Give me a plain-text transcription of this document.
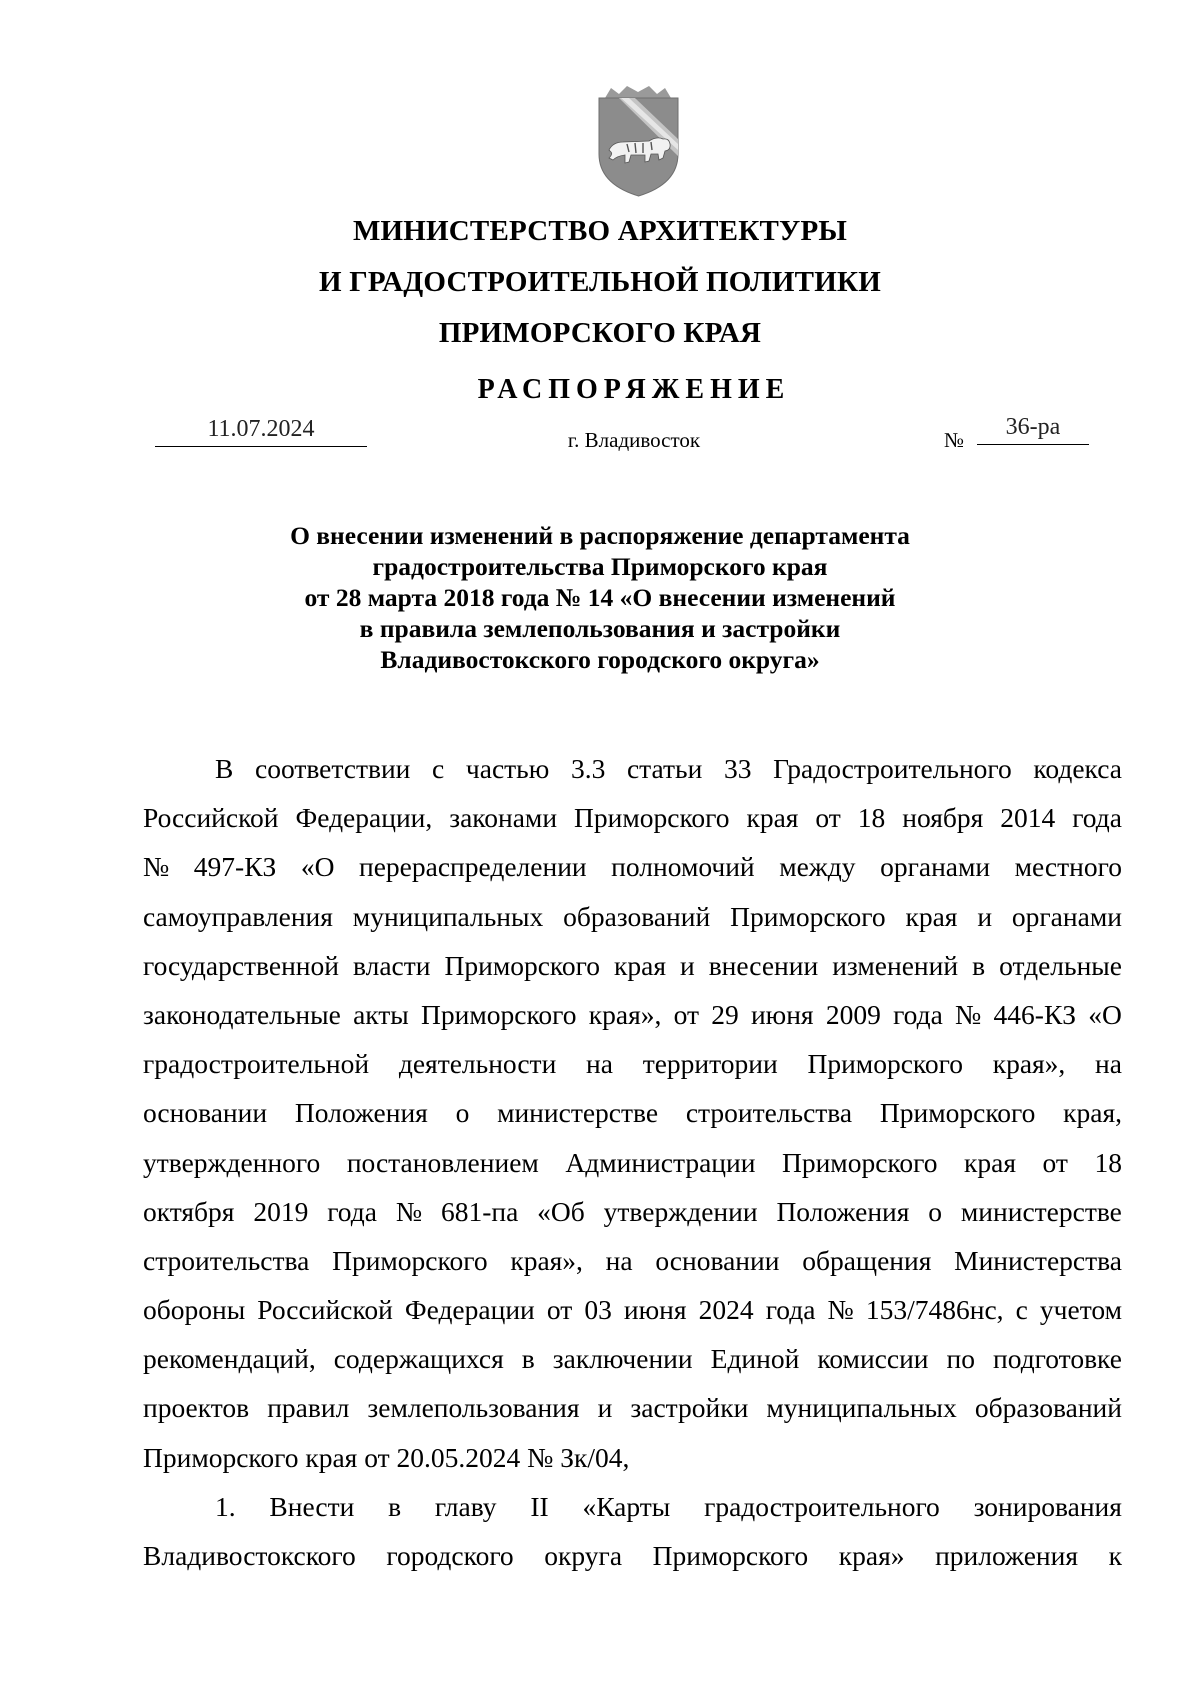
МИНИСТЕРСТВО АРХИТЕКТУРЫ
И ГРАДОСТРОИТЕЛЬНОЙ ПОЛИТИКИ
ПРИМОРСКОГО КРАЯ
РАСПОРЯЖЕНИЕ
11.07.2024	г. Владивосток	№	36-ра
О внесении изменений в распоряжение департамента
градостроительства Приморского края
от 28 марта 2018 года № 14 «О внесении изменений
в правила землепользования и застройки
Владивостокского городского округа»
В соответствии с частью 3.3 статьи 33 Градостроительного кодекса
Российской Федерации, законами Приморского края от 18 ноября 2014 года
№ 497-КЗ «О перераспределении полномочий между органами местного
самоуправления муниципальных образований Приморского края и органами
государственной власти Приморского края и внесении изменений в отдельные
законодательные акты Приморского края», от 29 июня 2009 года № 446-КЗ «О
градостроительной деятельности на территории Приморского края», на
основании Положения о министерстве строительства Приморского края,
утвержденного постановлением Администрации Приморского края от 18
октября 2019 года № 681-па «Об утверждении Положения о министерстве
строительства Приморского края», на основании обращения Министерства
обороны Российской Федерации от 03 июня 2024 года № 153/7486нс, с учетом
рекомендаций, содержащихся в заключении Единой комиссии по подготовке
проектов правил землепользования и застройки муниципальных образований
Приморского края от 20.05.2024 № Зк/04,
1. Внести в главу II «Карты градостроительного зонирования
Владивостокского городского округа Приморского края» приложения к
